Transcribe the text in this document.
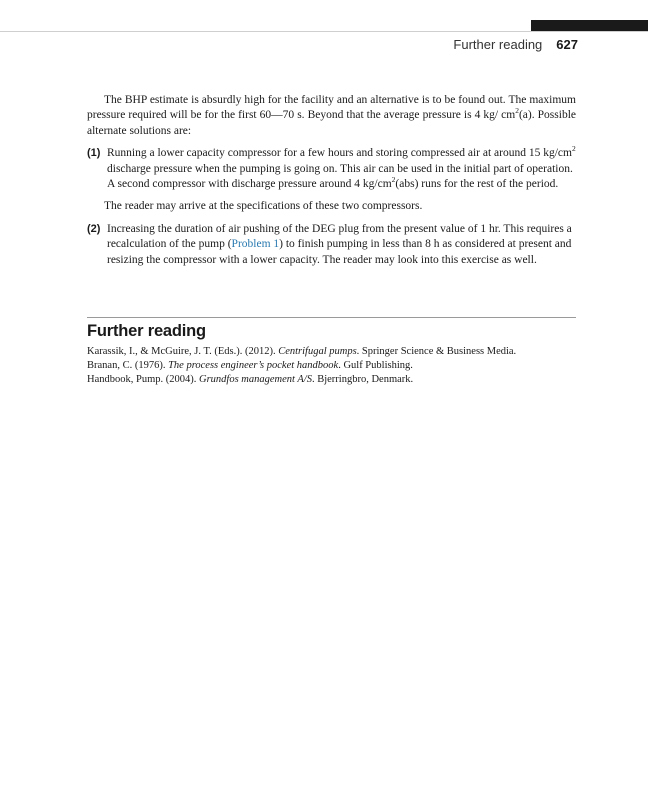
Further reading 627

The BHP estimate is absurdly high for the facility and an alternative is to be found out. The maximum pressure required will be for the first 60—70 s. Beyond that the average pressure is 4 kg/ $cm^2(a)$. Possible alternate solutions are:

(1) Running a lower capacity compressor for a few hours and storing compressed air at around 15 $kg/cm^2$ discharge pressure when the pumping is going on. This air can be used in the initial part of operation. A second compressor with discharge pressure around 4 $kg/cm^2(abs)$ runs for the rest of the period.

The reader may arrive at the specifications of these two compressors.

(2) Increasing the duration of air pushing of the DEG plug from the present value of 1 hr. This requires a recalculation of the pump (Problem 1) to finish pumping in less than 8 h as considered at present and resizing the compressor with a lower capacity. The reader may look into this exercise as well.

Further reading
Karassik, I., & McGuire, J. T. (Eds.). (2012). Centrifugal pumps. Springer Science & Business Media.
Branan, C. (1976). The process engineer’s pocket handbook. Gulf Publishing.
Handbook, Pump. (2004). Grundfos management A/S. Bjerringbro, Denmark.
